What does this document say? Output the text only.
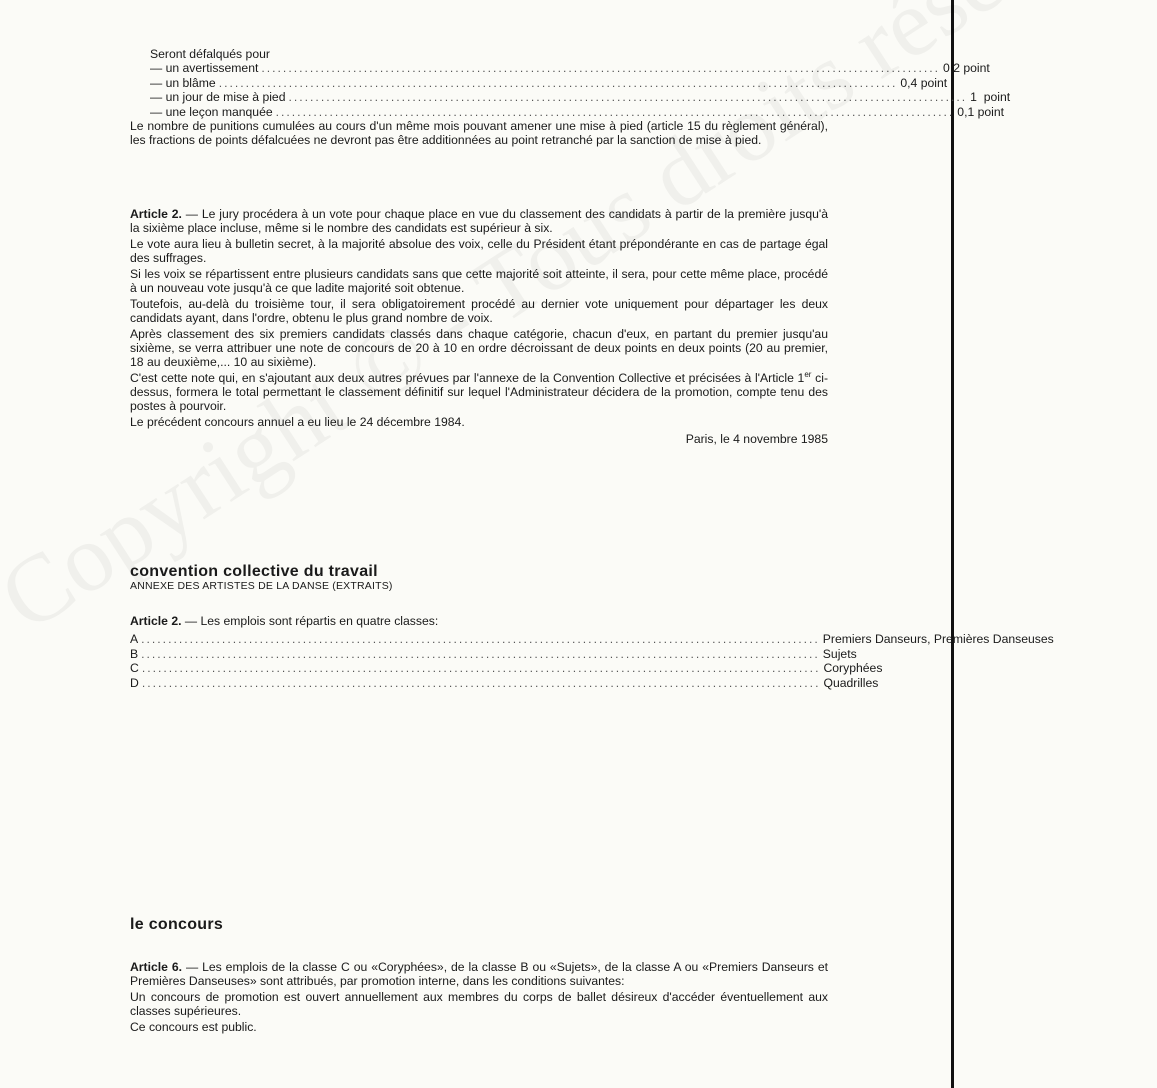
Seront défalqués pour
— un avertissement .............................................................................................................................. 0,2 point
— un blâme .............................................................................................................................. 0,4 point
— un jour de mise à pied .............................................................................................................................. 1  point
— une leçon manquée .............................................................................................................................. 0,1 point

Le nombre de punitions cumulées au cours d'un même mois pouvant amener une mise à pied (article 15 du règlement général), les fractions de points défalcuées ne devront pas être additionnées au point retranché par la sanction de mise à pied.

Article 2. — Le jury procédera à un vote pour chaque place en vue du classement des candidats à partir de la première jusqu'à la sixième place incluse, même si le nombre des candidats est supérieur à six.

Le vote aura lieu à bulletin secret, à la majorité absolue des voix, celle du Président étant prépondérante en cas de partage égal des suffrages.

Si les voix se répartissent entre plusieurs candidats sans que cette majorité soit atteinte, il sera, pour cette même place, procédé à un nouveau vote jusqu'à ce que ladite majorité soit obtenue.

Toutefois, au-delà du troisième tour, il sera obligatoirement procédé au dernier vote uniquement pour départager les deux candidats ayant, dans l'ordre, obtenu le plus grand nombre de voix.

Après classement des six premiers candidats classés dans chaque catégorie, chacun d'eux, en partant du premier jusqu'au sixième, se verra attribuer une note de concours de 20 à 10 en ordre décroissant de deux points en deux points (20 au premier, 18 au deuxième,... 10 au sixième).

C'est cette note qui, en s'ajoutant aux deux autres prévues par l'annexe de la Convention Collective et précisées à l'Article 1er ci-dessus, formera le total permettant le classement définitif sur lequel l'Administrateur décidera de la promotion, compte tenu des postes à pourvoir.

Le précédent concours annuel a eu lieu le 24 décembre 1984.

Paris, le 4 novembre 1985
convention collective du travail
ANNEXE DES ARTISTES DE LA DANSE (EXTRAITS)

Article 2. — Les emplois sont répartis en quatre classes:

A .............................................................................................................................. Premiers Danseurs, Premières Danseuses
B .............................................................................................................................. Sujets
C .............................................................................................................................. Coryphées
D .............................................................................................................................. Quadrilles
le concours

Article 6. — Les emplois de la classe C ou «Coryphées», de la classe B ou «Sujets», de la classe A ou «Premiers Danseurs et Premières Danseuses» sont attribués, par promotion interne, dans les conditions suivantes:

Un concours de promotion est ouvert annuellement aux membres du corps de ballet désireux d'accéder éventuellement aux classes supérieures.

Ce concours est public.
